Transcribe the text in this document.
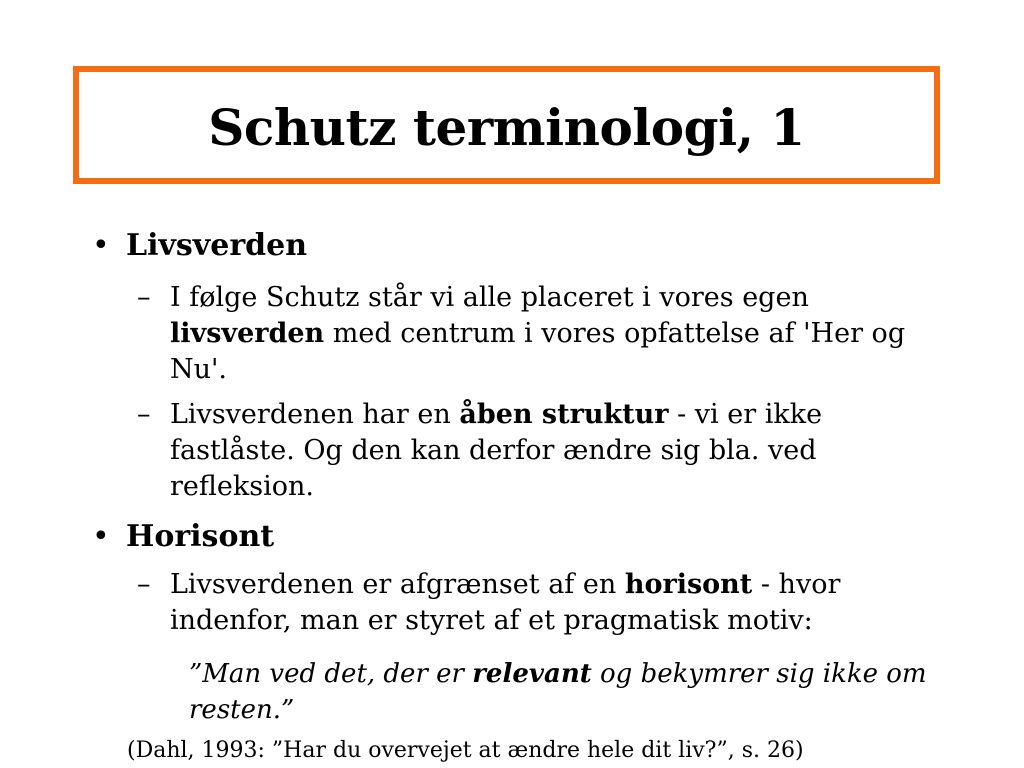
Schutz terminologi, 1
• Livsverden
– I følge Schutz står vi alle placeret i vores egen livsverden med centrum i vores opfattelse af 'Her og Nu'.
– Livsverdenen har en åben struktur - vi er ikke fastlåste. Og den kan derfor ændre sig bla. ved refleksion.
• Horisont
– Livsverdenen er afgrænset af en horisont - hvor indenfor, man er styret af et pragmatisk motiv:
”Man ved det, der er relevant og bekymrer sig ikke om resten.”
(Dahl, 1993: ”Har du overvejet at ændre hele dit liv?”, s. 26)
